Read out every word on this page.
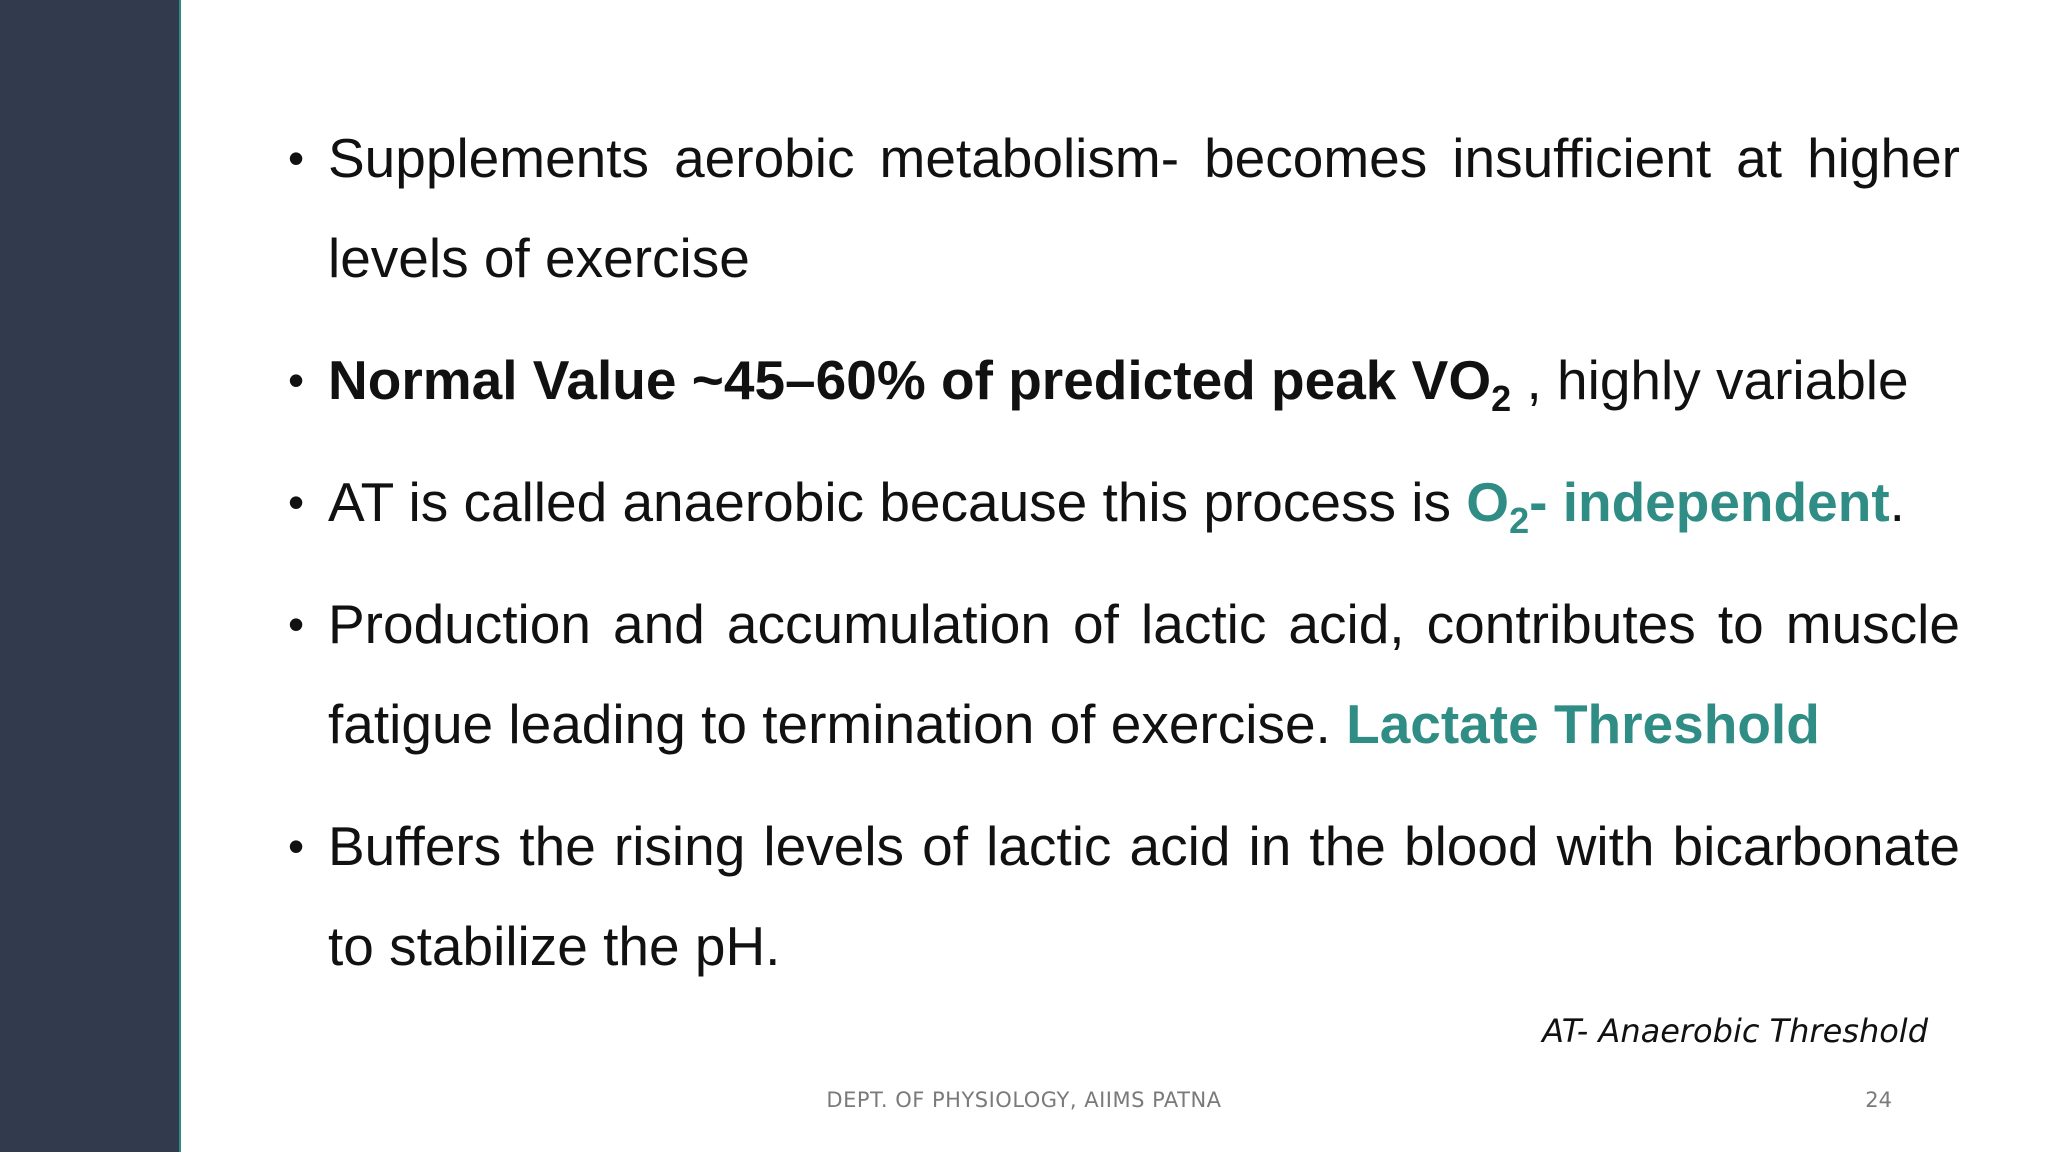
• Supplements aerobic metabolism- becomes insufficient at higher levels of exercise
• Normal Value ~45–60% of predicted peak $VO_2$ , highly variable
• AT is called anaerobic because this process is $O_2-$ independent.
• Production and accumulation of lactic acid, contributes to muscle fatigue leading to termination of exercise. Lactate Threshold
• Buffers the rising levels of lactic acid in the blood with bicarbonate to stabilize the pH.
AT- Anaerobic Threshold
DEPT. OF PHYSIOLOGY, AIIMS PATNA	24
